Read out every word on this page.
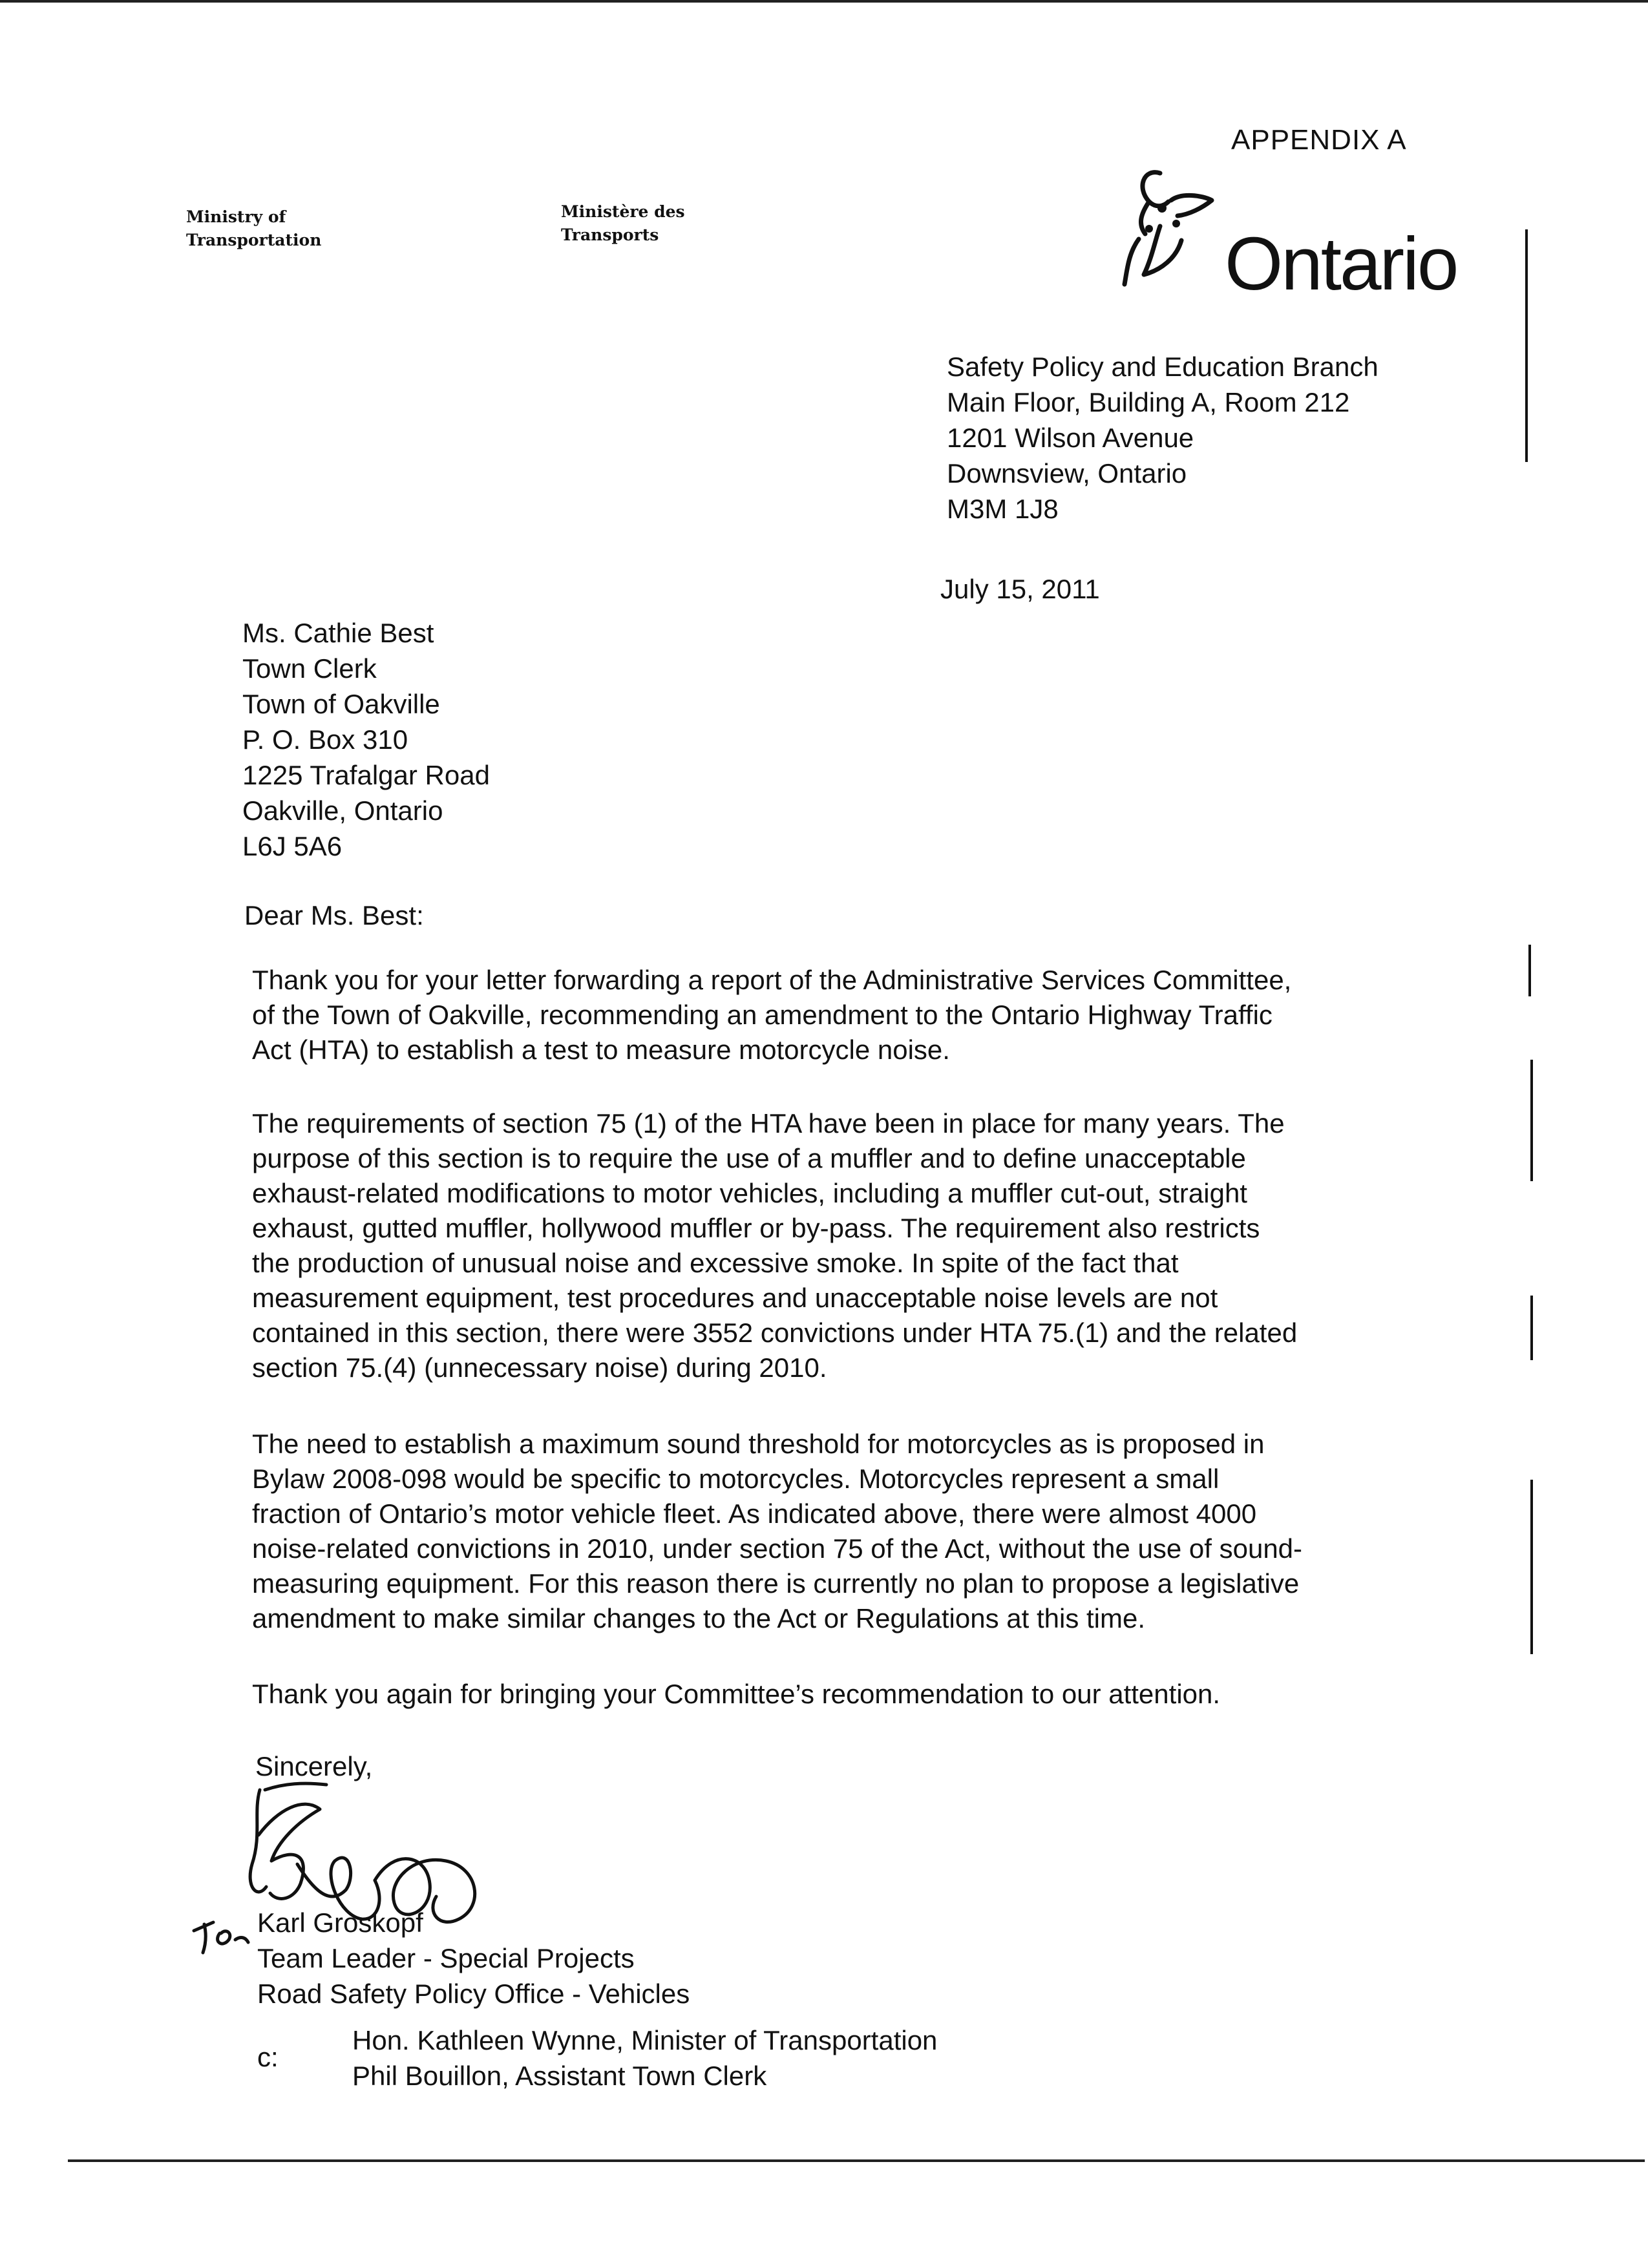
APPENDIX A
Ministry of
Transportation
Ministère des
Transports	Ontario
Safety Policy and Education Branch
Main Floor, Building A, Room 212
1201 Wilson Avenue
Downsview, Ontario
M3M 1J8
July 15, 2011
Ms. Cathie Best
Town Clerk
Town of Oakville
P. O. Box 310
1225 Trafalgar Road
Oakville, Ontario
L6J 5A6
Dear Ms. Best:
Thank you for your letter forwarding a report of the Administrative Services Committee,
of the Town of Oakville, recommending an amendment to the Ontario Highway Traffic
Act (HTA) to establish a test to measure motorcycle noise.
The requirements of section 75 (1) of the HTA have been in place for many years. The
purpose of this section is to require the use of a muffler and to define unacceptable
exhaust-related modifications to motor vehicles, including a muffler cut-out, straight
exhaust, gutted muffler, hollywood muffler or by-pass. The requirement also restricts
the production of unusual noise and excessive smoke. In spite of the fact that
measurement equipment, test procedures and unacceptable noise levels are not
contained in this section, there were 3552 convictions under HTA 75.(1) and the related
section 75.(4) (unnecessary noise) during 2010.
The need to establish a maximum sound threshold for motorcycles as is proposed in
Bylaw 2008-098 would be specific to motorcycles. Motorcycles represent a small
fraction of Ontario’s motor vehicle fleet. As indicated above, there were almost 4000
noise-related convictions in 2010, under section 75 of the Act, without the use of sound-
measuring equipment. For this reason there is currently no plan to propose a legislative
amendment to make similar changes to the Act or Regulations at this time.
Thank you again for bringing your Committee’s recommendation to our attention.
Sincerely,
Karl Groskopf
Team Leader - Special Projects
Road Safety Policy Office - Vehicles
c:
Hon. Kathleen Wynne, Minister of Transportation
Phil Bouillon, Assistant Town Clerk
